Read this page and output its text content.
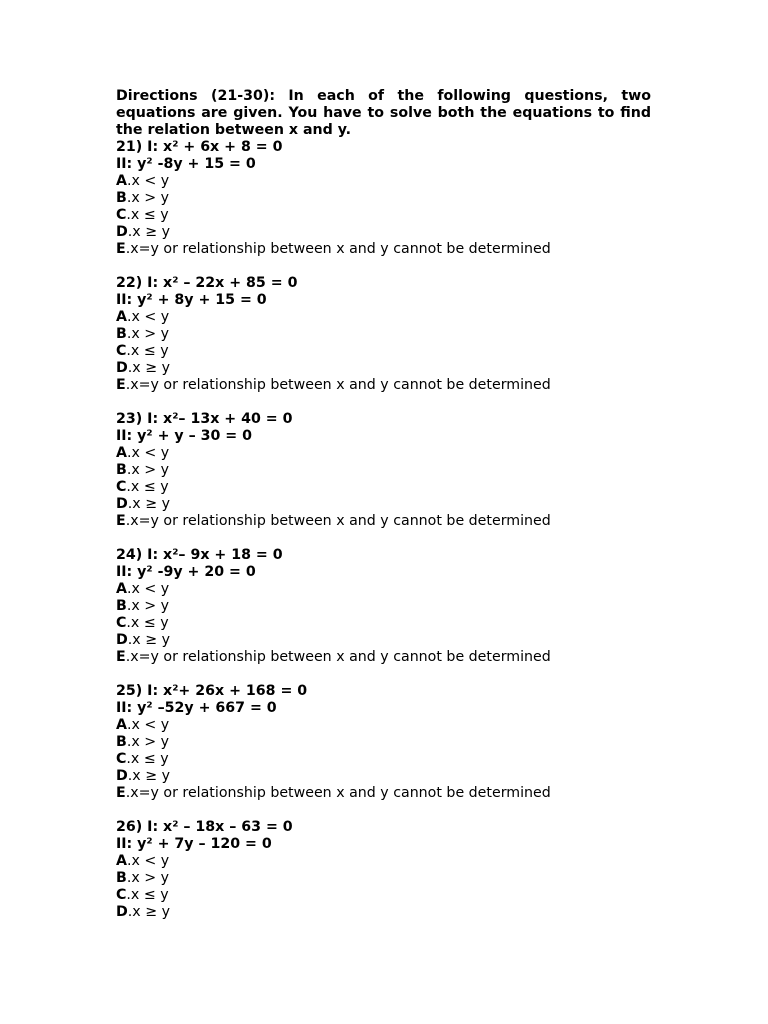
Directions (21-30): In each of the following questions, two equations are given. You have to solve both the equations to find the relation between x and y.
21) I: x² + 6x + 8 = 0
II: y² -8y + 15 = 0
A.x < y
B.x > y
C.x ≤ y
D.x ≥ y
E.x=y or relationship between x and y cannot be determined
22) I: x² – 22x + 85 = 0
II: y² + 8y + 15 = 0
A.x < y
B.x > y
C.x ≤ y
D.x ≥ y
E.x=y or relationship between x and y cannot be determined
23) I: x²– 13x + 40 = 0
II: y² + y – 30 = 0
A.x < y
B.x > y
C.x ≤ y
D.x ≥ y
E.x=y or relationship between x and y cannot be determined
24) I: x²– 9x + 18 = 0
II: y² -9y + 20 = 0
A.x < y
B.x > y
C.x ≤ y
D.x ≥ y
E.x=y or relationship between x and y cannot be determined
25) I: x²+ 26x + 168 = 0
II: y² –52y + 667 = 0
A.x < y
B.x > y
C.x ≤ y
D.x ≥ y
E.x=y or relationship between x and y cannot be determined
26) I: x² – 18x – 63 = 0
II: y² + 7y – 120 = 0
A.x < y
B.x > y
C.x ≤ y
D.x ≥ y
